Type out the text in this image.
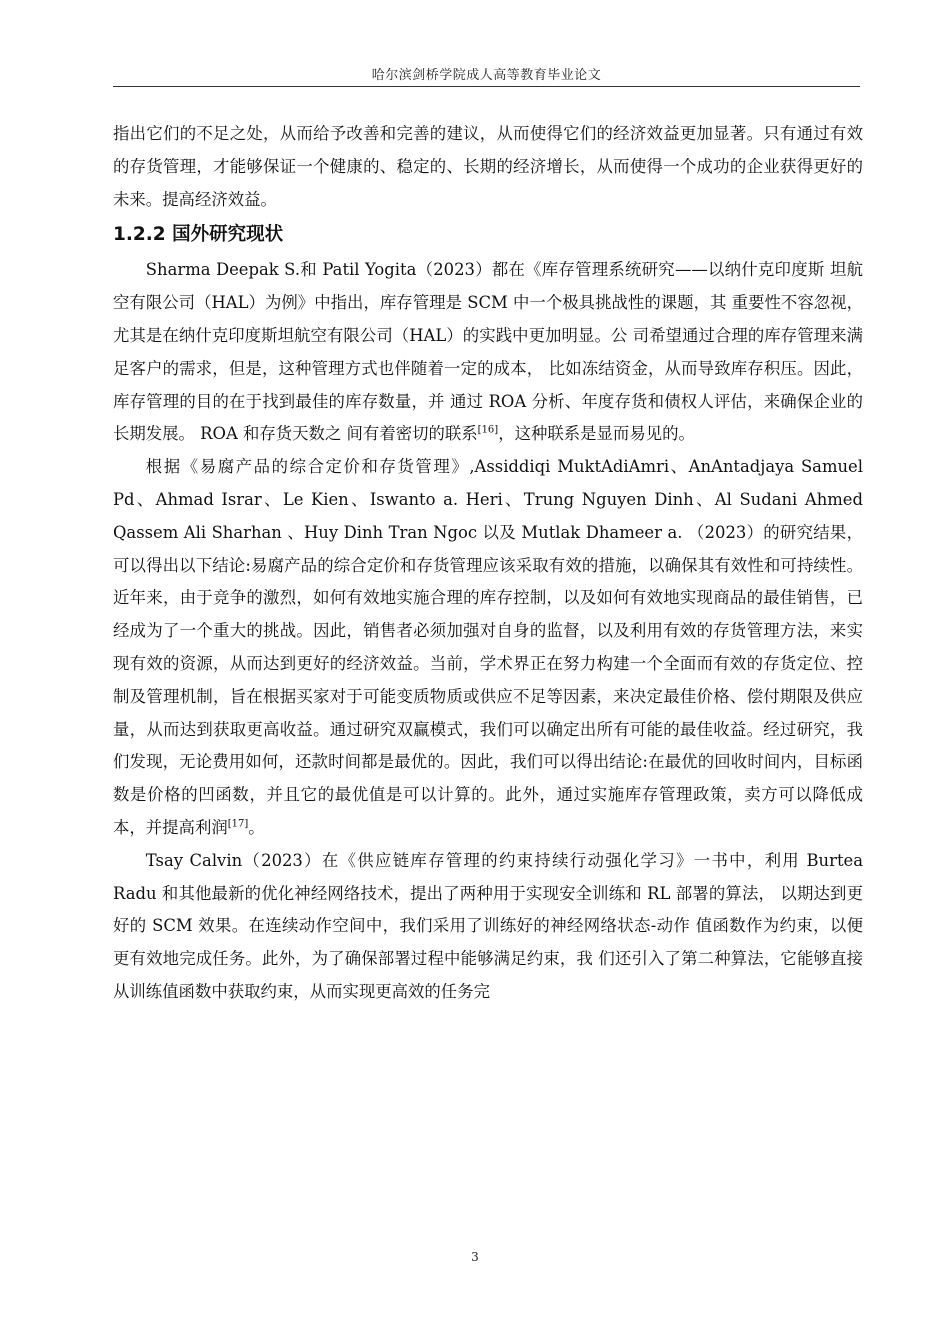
哈尔滨剑桥学院成人高等教育毕业论文

指出它们的不足之处，从而给予改善和完善的建议，从而使得它们的经济效益更加显著。只有通过有效的存货管理，才能够保证一个健康的、稳定的、长期的经济增长，从而使得一个成功的企业获得更好的未来。提高经济效益。

1.2.2 国外研究现状

Sharma Deepak S.和 Patil Yogita（2023）都在《库存管理系统研究——以纳什克印度斯 坦航空有限公司（HAL）为例》中指出，库存管理是 SCM 中一个极具挑战性的课题，其 重要性不容忽视，尤其是在纳什克印度斯坦航空有限公司（HAL）的实践中更加明显。公 司希望通过合理的库存管理来满足客户的需求，但是，这种管理方式也伴随着一定的成本， 比如冻结资金，从而导致库存积压。因此，库存管理的目的在于找到最佳的库存数量，并 通过 ROA 分析、年度存货和债权人评估，来确保企业的长期发展。 ROA 和存货天数之 间有着密切的联系[16]，这种联系是显而易见的。

根据《易腐产品的综合定价和存货管理》,Assiddiqi MuktAdiAmri、AnAntadjaya Samuel Pd、Ahmad Israr、Le Kien、Iswanto a. Heri、Trung Nguyen Dinh、Al Sudani Ahmed Qassem Ali Sharhan 、Huy Dinh Tran Ngoc 以及 Mutlak Dhameer a. （2023）的研究结果，可以得出以下结论:易腐产品的综合定价和存货管理应该采取有效的措施，以确保其有效性和可持续性。近年来，由于竞争的激烈，如何有效地实施合理的库存控制，以及如何有效地实现商品的最佳销售，已经成为了一个重大的挑战。因此，销售者必须加强对自身的监督，以及利用有效的存货管理方法，来实现有效的资源，从而达到更好的经济效益。当前，学术界正在努力构建一个全面而有效的存货定位、控制及管理机制，旨在根据买家对于可能变质物质或供应不足等因素，来决定最佳价格、偿付期限及供应量，从而达到获取更高收益。通过研究双赢模式，我们可以确定出所有可能的最佳收益。经过研究，我们发现，无论费用如何，还款时间都是最优的。因此，我们可以得出结论:在最优的回收时间内，目标函数是价格的凹函数，并且它的最优值是可以计算的。此外，通过实施库存管理政策，卖方可以降低成本，并提高利润[17]。

Tsay Calvin（2023）在《供应链库存管理的约束持续行动强化学习》一书中，利用 Burtea Radu 和其他最新的优化神经网络技术，提出了两种用于实现安全训练和 RL 部署的算法， 以期达到更好的 SCM 效果。在连续动作空间中，我们采用了训练好的神经网络状态-动作 值函数作为约束，以便更有效地完成任务。此外，为了确保部署过程中能够满足约束，我 们还引入了第二种算法，它能够直接从训练值函数中获取约束，从而实现更高效的任务完

3
